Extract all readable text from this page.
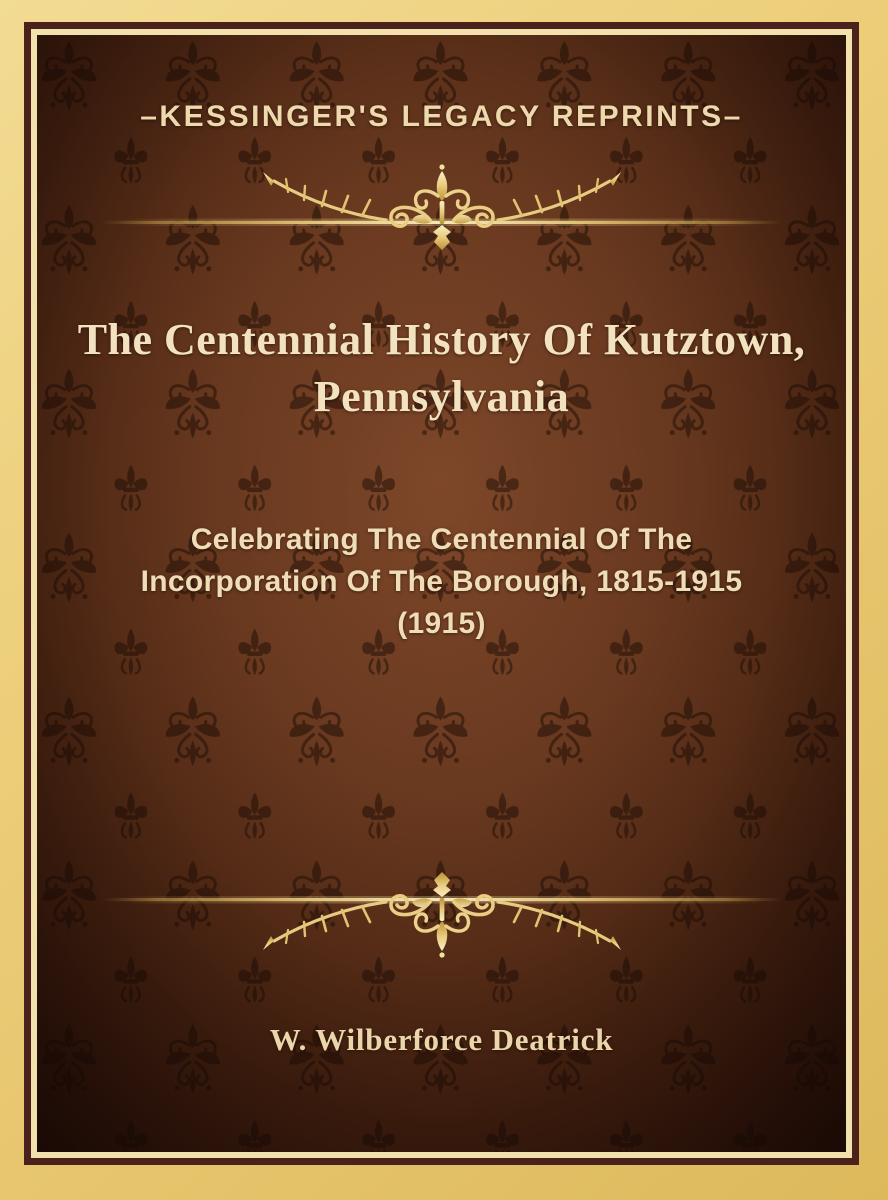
–KESSINGER'S LEGACY REPRINTS–
The Centennial History Of Kutztown,
Pennsylvania
Celebrating The Centennial Of The
Incorporation Of The Borough, 1815-1915
(1915)
W. Wilberforce Deatrick
